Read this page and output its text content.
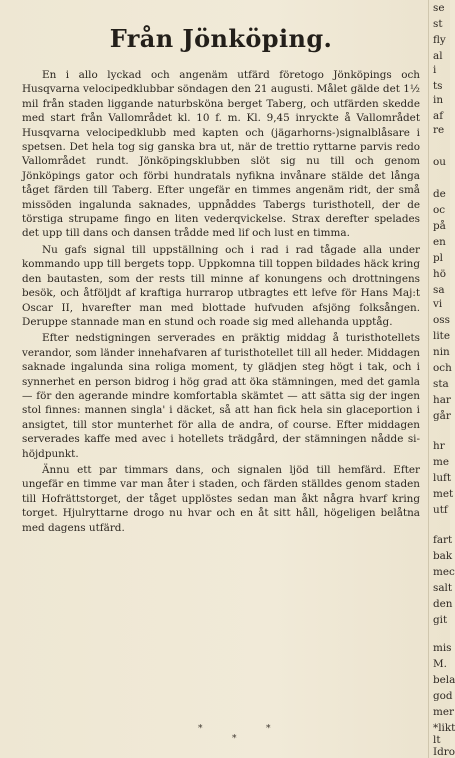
Från Jönköping.

En i allo lyckad och angenäm utfärd företogo Jönköpings och Husqvarna velocipedklubbar söndagen den 21 augusti. Målet gälde det 1½ mil från staden liggande naturbsköna berget Taberg, och utfärden skedde med start från Vallområdet kl. 10 f. m. Kl. 9,45 inryckte å Vallområdet Husqvarna velocipedklubb med kapten och (jägarhorns-)signalblåsare i spetsen. Det hela tog sig ganska bra ut, när de trettio ryttarne parvis redo Vallområdet rundt. Jönköpingsklubben slöt sig nu till och genom Jönköpings gator och förbi hundratals nyfikna invånare stälde det långa tåget färden till Taberg. Efter ungefär en timmes angenäm ridt, der små missöden ingalunda saknades, uppnåddes Tabergs turisthotell, der de törstiga strupame fingo en liten vederqvickelse. Strax derefter spelades det upp till dans och dansen trådde med lif och lust en timma.

Nu gafs signal till uppställning och i rad i rad tågade alla under kommando upp till bergets topp. Uppkomna till toppen bildades häck kring den bautasten, som der rests till minne af konungens och drottningens besök, och åtföljdt af kraftiga hurrarop utbragtes ett lefve för Hans Maj:t Oscar II, hvarefter man med blottade hufvuden afsjöng folksången. Deruppe stannade man en stund och roade sig med allehanda upptåg.

Efter nedstigningen serverades en präktig middag å turisthotellets verandor, som länder innehafvaren af turisthotellet till all heder. Middagen saknade ingalunda sina roliga moment, ty glädjen steg högt i tak, och i synnerhet en person bidrog i hög grad att öka stämningen, med det gamla — för den agerande mindre komfortabla skämtet — att sätta sig der ingen stol finnes: mannen singla' i däcket, så att han fick hela sin glaceportion i ansigtet, till stor munterhet för alla de andra, of course. Efter middagen serverades kaffe med avec i hotellets trädgård, der stämningen nådde si- höjdpunkt.

Ännu ett par timmars dans, och signalen ljöd till hemfärd. Efter ungefär en timme var man åter i staden, och färden ställdes genom staden till Hofrättstorget, der tåget upplöstes sedan man åkt några hvarf kring torget. Hjulryttarne drogo nu hvar och en åt sitt håll, högeligen belåtna med dagens utfärd.

*
*
*
se
st
fly
al
i
ts
in
af
re
ou
de
oc
på
en
pl
hö
sa
vi
oss
lite
nin
och
sta
har
går
hr
me
luft
met
utf
fart
bak
mec
salt
den
git
mis
M.
bela
god
mer
*likt
lt
Idro
